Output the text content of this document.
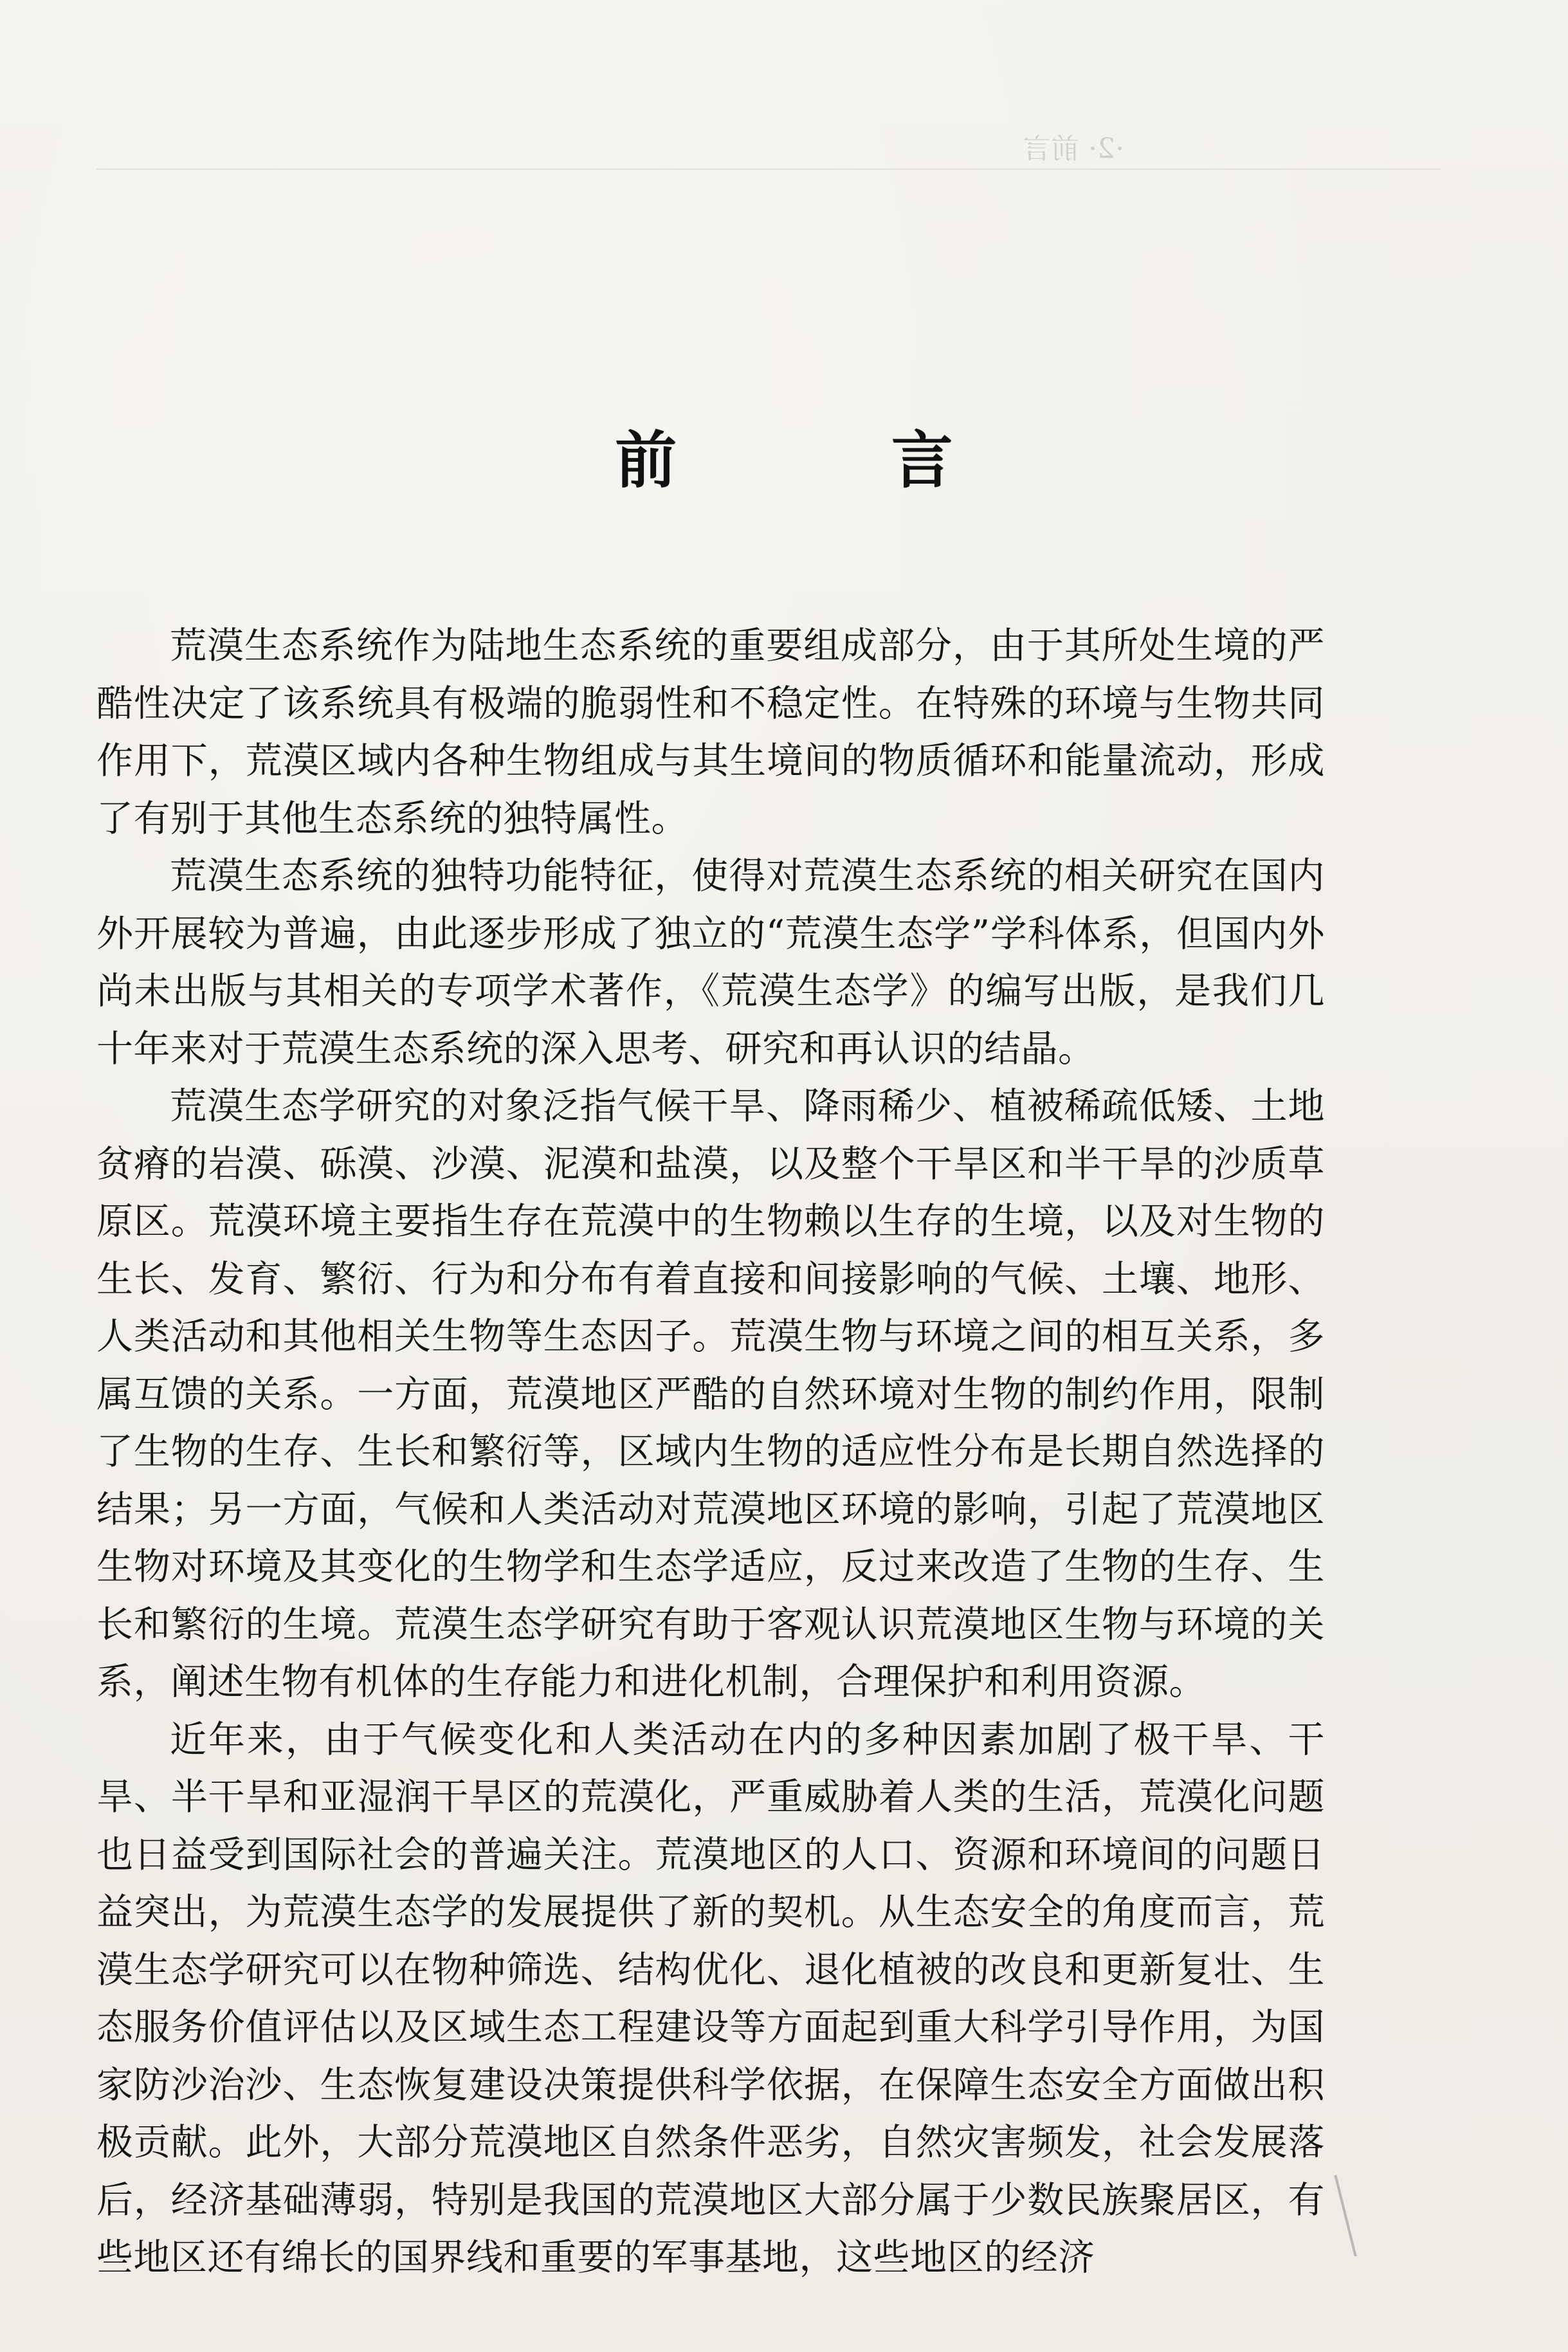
·2· 前言
前 言

荒漠生态系统作为陆地生态系统的重要组成部分，由于其所处生境的严酷性决定了该系统具有极端的脆弱性和不稳定性。在特殊的环境与生物共同作用下，荒漠区域内各种生物组成与其生境间的物质循环和能量流动，形成了有别于其他生态系统的独特属性。

荒漠生态系统的独特功能特征，使得对荒漠生态系统的相关研究在国内外开展较为普遍，由此逐步形成了独立的“荒漠生态学”学科体系，但国内外尚未出版与其相关的专项学术著作，《荒漠生态学》的编写出版，是我们几十年来对于荒漠生态系统的深入思考、研究和再认识的结晶。

荒漠生态学研究的对象泛指气候干旱、降雨稀少、植被稀疏低矮、土地贫瘠的岩漠、砾漠、沙漠、泥漠和盐漠，以及整个干旱区和半干旱的沙质草原区。荒漠环境主要指生存在荒漠中的生物赖以生存的生境，以及对生物的生长、发育、繁衍、行为和分布有着直接和间接影响的气候、土壤、地形、人类活动和其他相关生物等生态因子。荒漠生物与环境之间的相互关系，多属互馈的关系。一方面，荒漠地区严酷的自然环境对生物的制约作用，限制了生物的生存、生长和繁衍等，区域内生物的适应性分布是长期自然选择的结果；另一方面，气候和人类活动对荒漠地区环境的影响，引起了荒漠地区生物对环境及其变化的生物学和生态学适应，反过来改造了生物的生存、生长和繁衍的生境。荒漠生态学研究有助于客观认识荒漠地区生物与环境的关系，阐述生物有机体的生存能力和进化机制，合理保护和利用资源。

近年来，由于气候变化和人类活动在内的多种因素加剧了极干旱、干旱、半干旱和亚湿润干旱区的荒漠化，严重威胁着人类的生活，荒漠化问题也日益受到国际社会的普遍关注。荒漠地区的人口、资源和环境间的问题日益突出，为荒漠生态学的发展提供了新的契机。从生态安全的角度而言，荒漠生态学研究可以在物种筛选、结构优化、退化植被的改良和更新复壮、生态服务价值评估以及区域生态工程建设等方面起到重大科学引导作用，为国家防沙治沙、生态恢复建设决策提供科学依据，在保障生态安全方面做出积极贡献。此外，大部分荒漠地区自然条件恶劣，自然灾害频发，社会发展落后，经济基础薄弱，特别是我国的荒漠地区大部分属于少数民族聚居区，有些地区还有绵长的国界线和重要的军事基地，这些地区的经济
